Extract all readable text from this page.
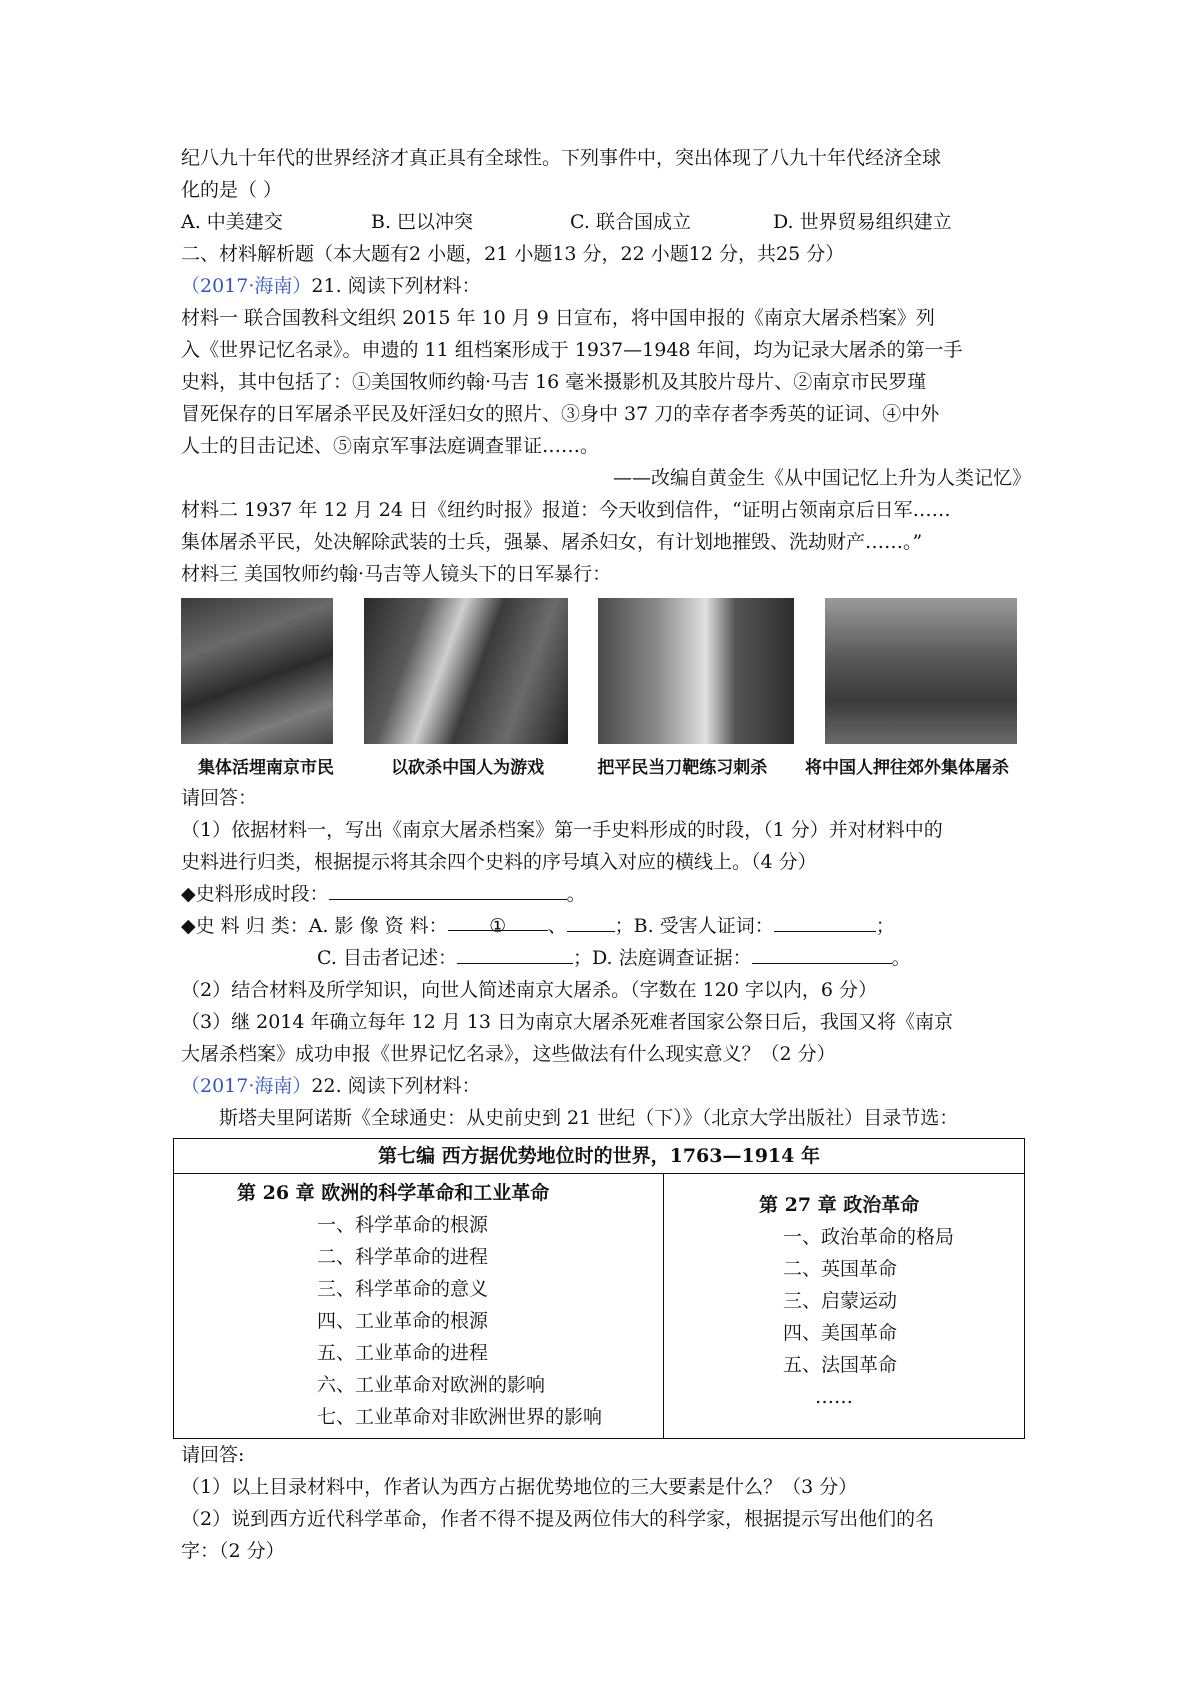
纪八九十年代的世界经济才真正具有全球性。下列事件中，突出体现了八九十年代经济全球
化的是（ ）
A. 中美建交	B. 巴以冲突	C. 联合国成立	D. 世界贸易组织建立
二、材料解析题（本大题有2 小题，21 小题13 分，22 小题12 分，共25 分）
（2017·海南）21. 阅读下列材料：
材料一 联合国教科文组织 2015 年 10 月 9 日宣布，将中国申报的《南京大屠杀档案》列
入《世界记忆名录》。申遗的 11 组档案形成于 1937—1948 年间，均为记录大屠杀的第一手
史料，其中包括了：①美国牧师约翰·马吉 16 毫米摄影机及其胶片母片、②南京市民罗瑾
冒死保存的日军屠杀平民及奸淫妇女的照片、③身中 37 刀的幸存者李秀英的证词、④中外
人士的目击记述、⑤南京军事法庭调查罪证……。
——改编自黄金生《从中国记忆上升为人类记忆》
材料二 1937 年 12 月 24 日《纽约时报》报道：今天收到信件，“证明占领南京后日军……
集体屠杀平民，处决解除武装的士兵，强暴、屠杀妇女，有计划地摧毁、洗劫财产……。”
材料三 美国牧师约翰·马吉等人镜头下的日军暴行：
集体活埋南京市民	以砍杀中国人为游戏	把平民当刀靶练习刺杀	将中国人押往郊外集体屠杀
请回答：
（1）依据材料一，写出《南京大屠杀档案》第一手史料形成的时段，（1 分）并对材料中的
史料进行归类，根据提示将其余四个史料的序号填入对应的横线上。（4 分）
◆史料形成时段：	。
◆史 料 归 类：A. 影 像 资 料： ① 、	；B. 受害人证词：	；
C. 目击者记述：	；D. 法庭调查证据：	。
（2）结合材料及所学知识，向世人简述南京大屠杀。（字数在 120 字以内，6 分）
（3）继 2014 年确立每年 12 月 13 日为南京大屠杀死难者国家公祭日后，我国又将《南京
大屠杀档案》成功申报《世界记忆名录》，这些做法有什么现实意义？（2 分）
（2017·海南）22. 阅读下列材料：
斯塔夫里阿诺斯《全球通史：从史前史到 21 世纪（下）》（北京大学出版社）目录节选：
第七编 西方据优势地位时的世界，1763—1914 年

第 26 章 欧洲的科学革命和工业革命
一、科学革命的根源
二、科学革命的进程
三、科学革命的意义
四、工业革命的根源
五、工业革命的进程
六、工业革命对欧洲的影响
七、工业革命对非欧洲世界的影响

第 27 章 政治革命
一、政治革命的格局
二、英国革命
三、启蒙运动
四、美国革命
五、法国革命
……
请回答:
（1）以上目录材料中，作者认为西方占据优势地位的三大要素是什么？（3 分）
（2）说到西方近代科学革命，作者不得不提及两位伟大的科学家，根据提示写出他们的名
字：（2 分）
